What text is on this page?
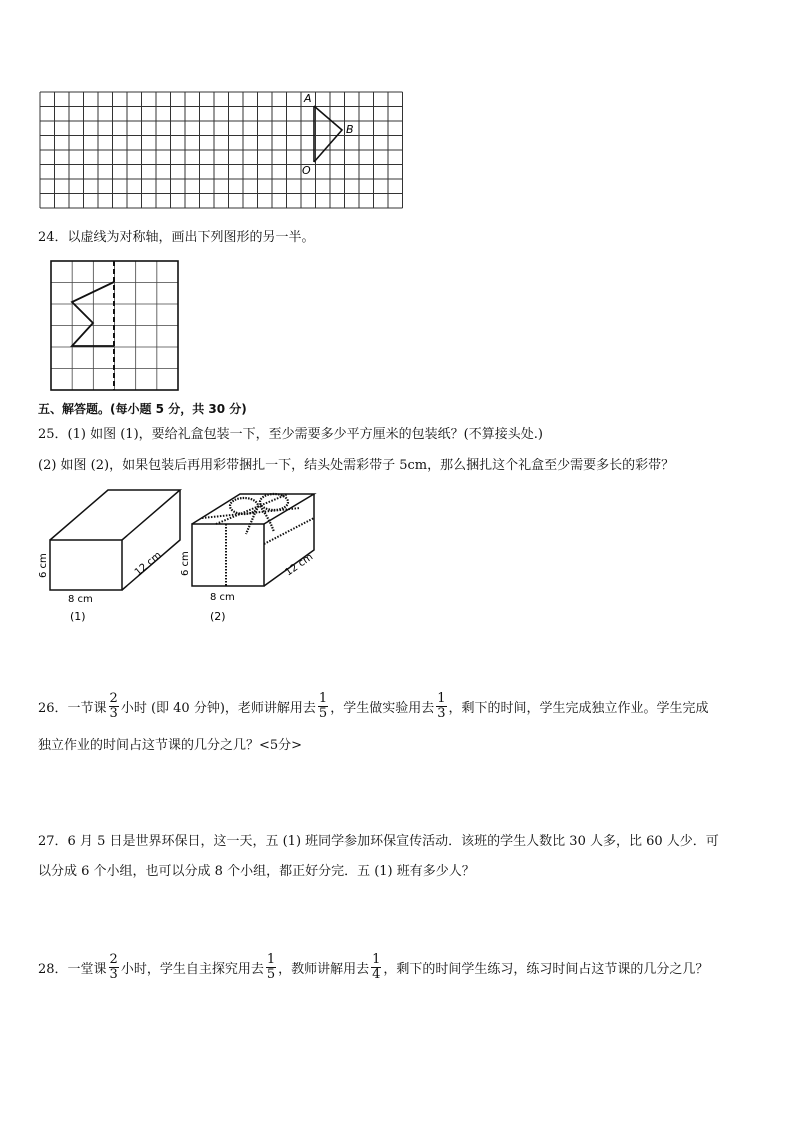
A
B
O
24．以虚线为对称轴，画出下列图形的另一半。
五、解答题。(每小题 5 分，共 30 分)
25．(1) 如图 (1)，要给礼盒包装一下，至少需要多少平方厘米的包装纸？(不算接头处.)
(2) 如图 (2)，如果包装后再用彩带捆扎一下，结头处需彩带子 5cm，那么捆扎这个礼盒至少需要多长的彩带？
6 cm
8 cm
12 cm
(1)
6 cm
8 cm
12 cm
(2)
26．一节课 $\frac{2}{3}$ 小时 (即 40 分钟)，老师讲解用去 $\frac{1}{5}$ ，学生做实验用去 $\frac{1}{3}$ ，剩下的时间，学生完成独立作业。学生完成
独立作业的时间占这节课的几分之几？<5分>
27．6 月 5 日是世界环保日，这一天，五 (1) 班同学参加环保宣传活动．该班的学生人数比 30 人多，比 60 人少．可
以分成 6 个小组，也可以分成 8 个小组，都正好分完．五 (1) 班有多少人？
28．一堂课 $\frac{2}{3}$ 小时，学生自主探究用去 $\frac{1}{5}$ ，教师讲解用去 $\frac{1}{4}$ ，剩下的时间学生练习，练习时间占这节课的几分之几？
